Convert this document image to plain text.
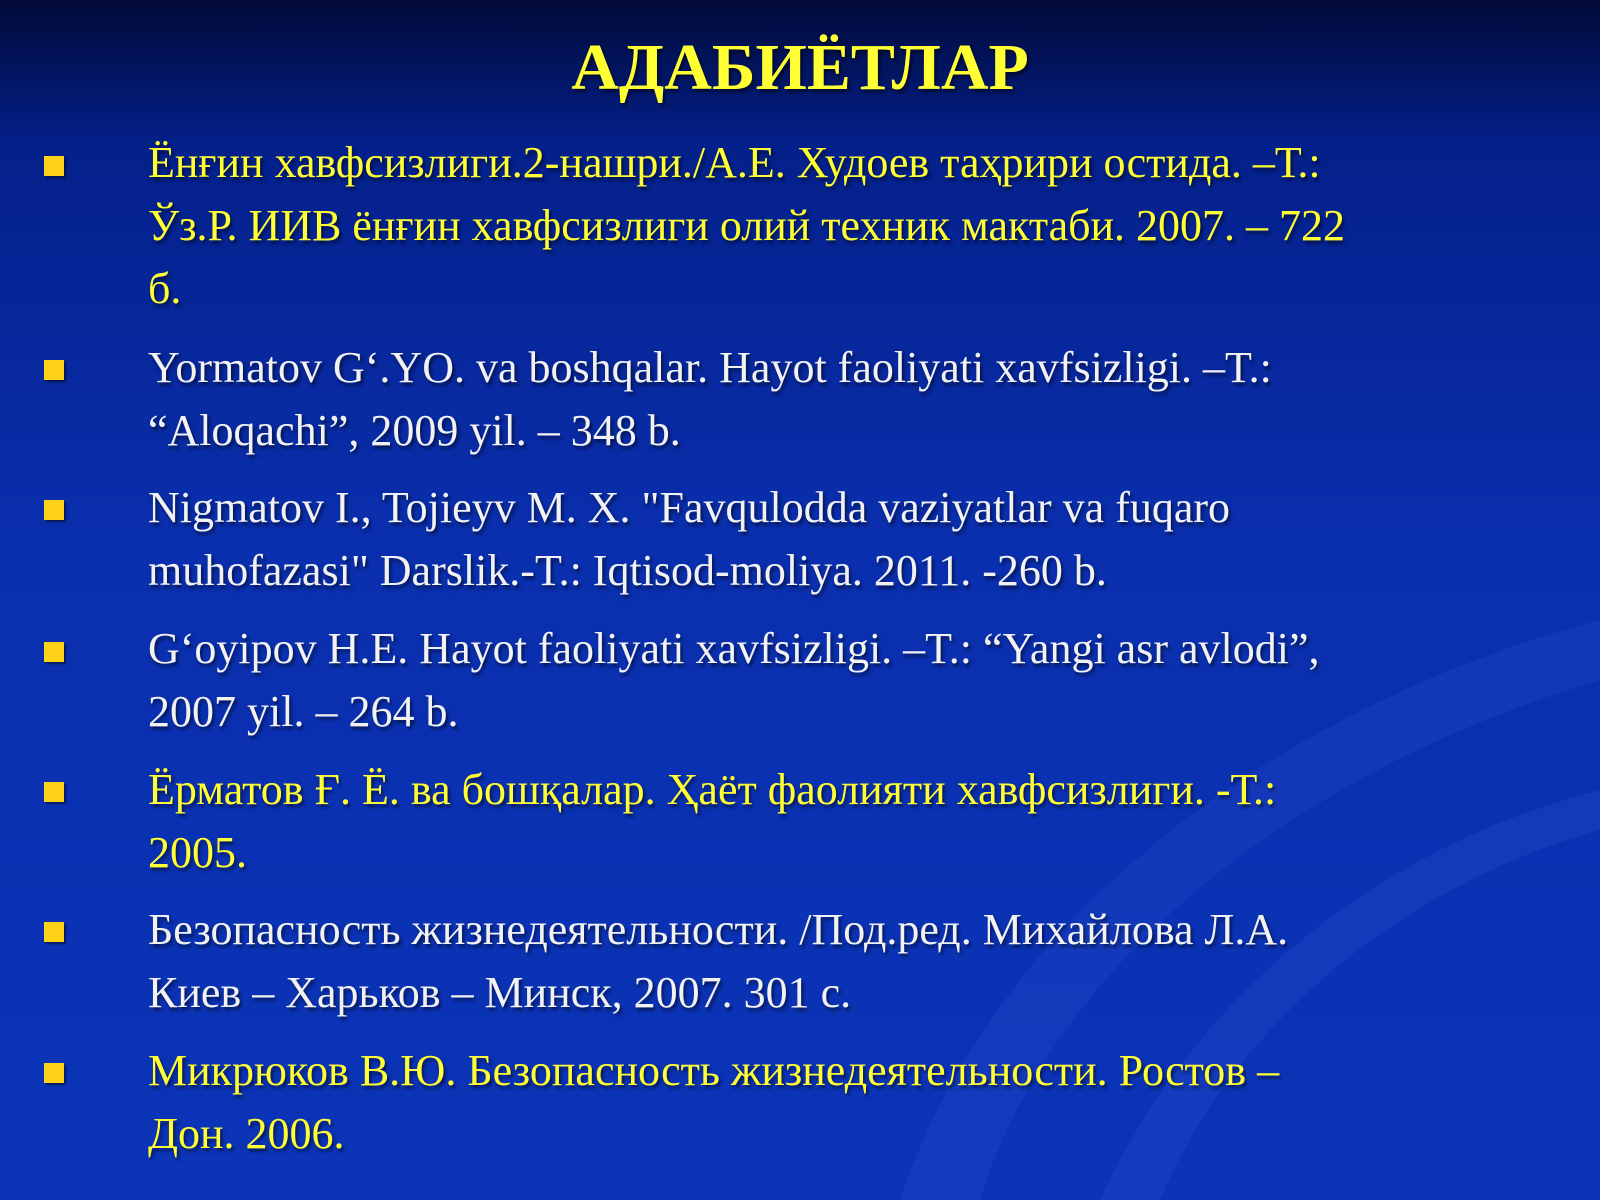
АДАБИЁТЛАР
Ёнғин хавфсизлиги.2-нашри./А.Е. Худоев таҳрири остида. –Т.:
Ўз.Р. ИИВ ёнғин хавфсизлиги олий техник мактаби. 2007. – 722
б.
Yormatov G‘.YO. va boshqalar. Hayot faoliyati xavfsizligi. –T.:
“Aloqachi”, 2009 yil. – 348 b.
Nigmatov I., Tojieyv M. X. "Favqulodda vaziyatlar va fuqaro
muhofazasi" Darslik.-T.: Iqtisod-moliya. 2011. -260 b.
G‘oyipov H.E. Hayot faoliyati xavfsizligi. –T.: “Yangi asr avlodi”,
2007 yil. – 264 b.
Ёрматов Ғ. Ё. ва бошқалар. Ҳаёт фаолияти хавфсизлиги. -Т.:
2005.
Безопасность жизнедеятельности. /Под.ред. Михайлова Л.А.
Киев – Харьков – Минск, 2007. 301 с.
Микрюков В.Ю. Безопасность жизнедеятельности. Ростов –
Дон. 2006.
